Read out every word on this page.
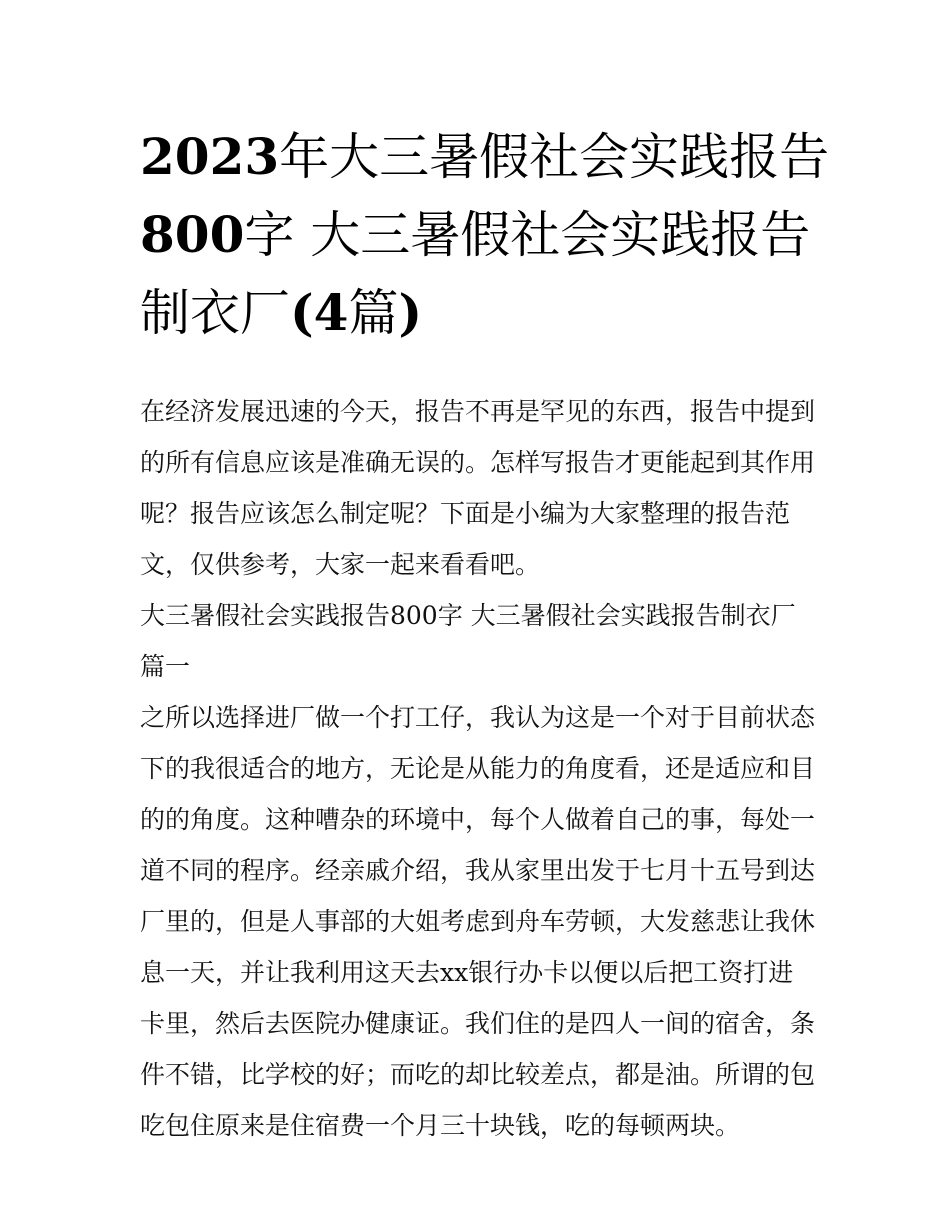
2023年大三暑假社会实践报告
800字 大三暑假社会实践报告
制衣厂(4篇)
在经济发展迅速的今天，报告不再是罕见的东西，报告中提到
的所有信息应该是准确无误的。怎样写报告才更能起到其作用
呢？报告应该怎么制定呢？下面是小编为大家整理的报告范
文，仅供参考，大家一起来看看吧。
大三暑假社会实践报告800字 大三暑假社会实践报告制衣厂
篇一
之所以选择进厂做一个打工仔，我认为这是一个对于目前状态
下的我很适合的地方，无论是从能力的角度看，还是适应和目
的的角度。这种嘈杂的环境中，每个人做着自己的事，每处一
道不同的程序。经亲戚介绍，我从家里出发于七月十五号到达
厂里的，但是人事部的大姐考虑到舟车劳顿，大发慈悲让我休
息一天，并让我利用这天去xx银行办卡以便以后把工资打进
卡里，然后去医院办健康证。我们住的是四人一间的宿舍，条
件不错，比学校的好；而吃的却比较差点，都是油。所谓的包
吃包住原来是住宿费一个月三十块钱，吃的每顿两块。
